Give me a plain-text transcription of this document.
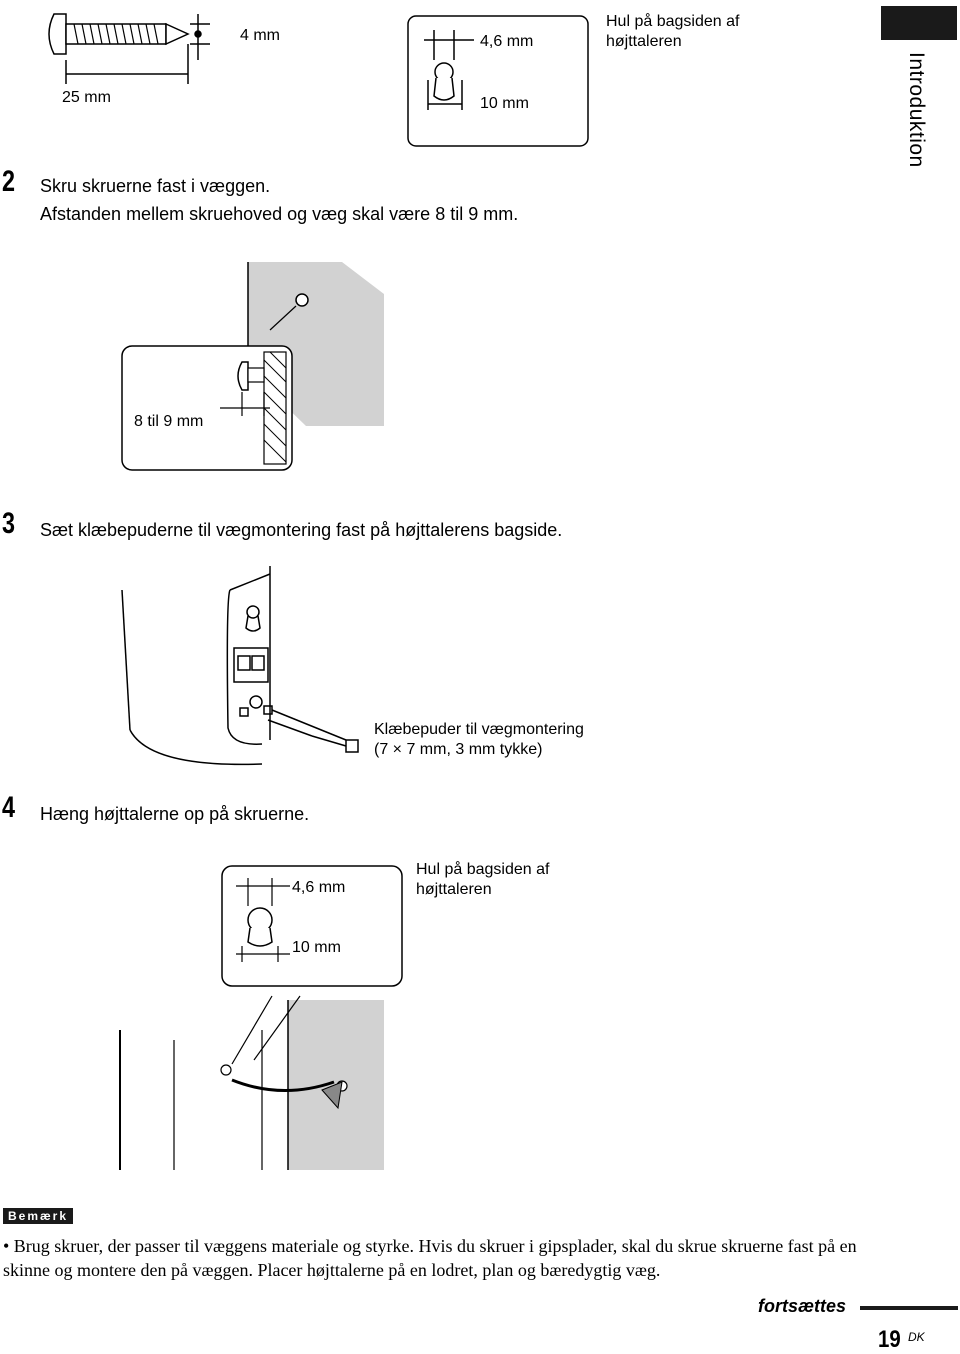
Introduktion
4 mm
25 mm
4,6 mm
10 mm
Hul på bagsiden af
højttaleren
2 Skru skruerne fast i væggen.
Afstanden mellem skruehoved og væg skal være 8 til 9 mm.
8 til 9 mm
3 Sæt klæbepuderne til vægmontering fast på højttalerens bagside.
Klæbepuder til vægmontering
(7 × 7 mm, 3 mm tykke)
4 Hæng højttalerne op på skruerne.
4,6 mm
10 mm
Hul på bagsiden af
højttaleren
Bemærk
• Brug skruer, der passer til væggens materiale og styrke. Hvis du skruer i gipsplader, skal du skrue skruerne fast på en skinne og montere den på væggen. Placer højttalerne på en lodret, plan og bæredygtig væg.
fortsættes
19 DK
